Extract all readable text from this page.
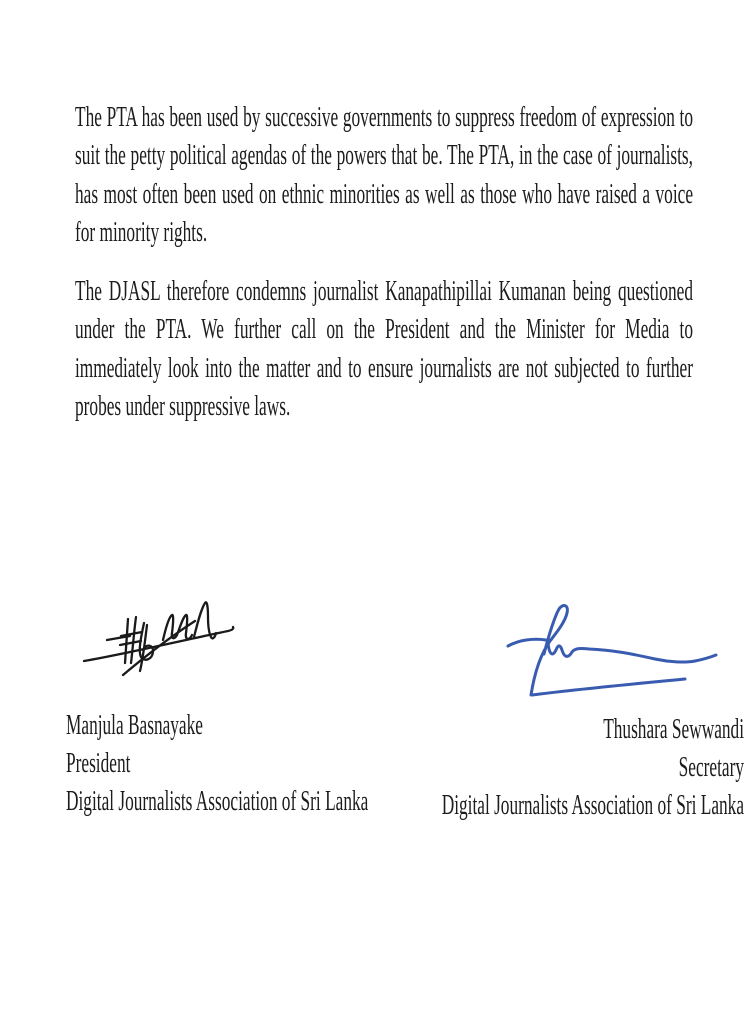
The PTA has been used by successive governments to suppress freedom of expression to suit the petty political agendas of the powers that be. The PTA, in the case of journalists, has most often been used on ethnic minorities as well as those who have raised a voice for minority rights.

The DJASL therefore condemns journalist Kanapathipillai Kumanan being questioned under the PTA. We further call on the President and the Minister for Media to immediately look into the matter and to ensure journalists are not subjected to further probes under suppressive laws.

Manjula Basnayake
President
Digital Journalists Association of Sri Lanka
Thushara Sewwandi
Secretary
Digital Journalists Association of Sri Lanka
